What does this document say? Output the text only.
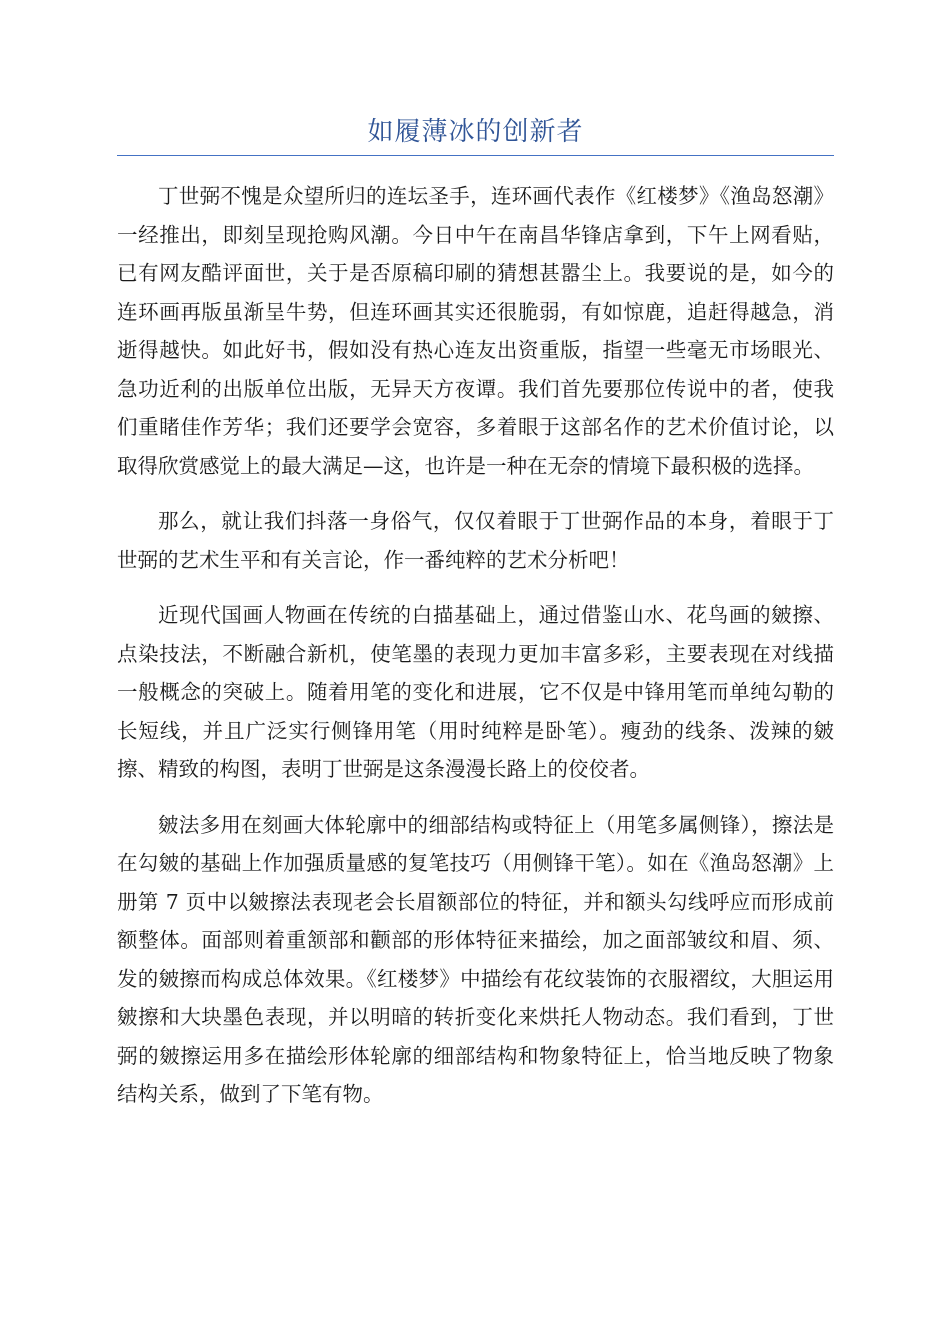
如履薄冰的创新者

丁世弼不愧是众望所归的连坛圣手，连环画代表作《红楼梦》《渔岛怒潮》一经推出，即刻呈现抢购风潮。今日中午在南昌华锋店拿到，下午上网看贴，已有网友酷评面世，关于是否原稿印刷的猜想甚嚣尘上。我要说的是，如今的连环画再版虽渐呈牛势，但连环画其实还很脆弱，有如惊鹿，追赶得越急，消逝得越快。如此好书，假如没有热心连友出资重版，指望一些毫无市场眼光、急功近利的出版单位出版，无异天方夜谭。我们首先要那位传说中的者，使我们重睹佳作芳华；我们还要学会宽容，多着眼于这部名作的艺术价值讨论，以取得欣赏感觉上的最大满足—这，也许是一种在无奈的情境下最积极的选择。

那么，就让我们抖落一身俗气，仅仅着眼于丁世弼作品的本身，着眼于丁世弼的艺术生平和有关言论，作一番纯粹的艺术分析吧！

近现代国画人物画在传统的白描基础上，通过借鉴山水、花鸟画的皴擦、点染技法，不断融合新机，使笔墨的表现力更加丰富多彩，主要表现在对线描一般概念的突破上。随着用笔的变化和进展，它不仅是中锋用笔而单纯勾勒的长短线，并且广泛实行侧锋用笔（用时纯粹是卧笔）。瘦劲的线条、泼辣的皴擦、精致的构图，表明丁世弼是这条漫漫长路上的佼佼者。

皴法多用在刻画大体轮廓中的细部结构或特征上（用笔多属侧锋），擦法是在勾皴的基础上作加强质量感的复笔技巧（用侧锋干笔）。如在《渔岛怒潮》上册第 7 页中以皴擦法表现老会长眉额部位的特征，并和额头勾线呼应而形成前额整体。面部则着重颔部和颧部的形体特征来描绘，加之面部皱纹和眉、须、发的皴擦而构成总体效果。《红楼梦》中描绘有花纹装饰的衣服褶纹，大胆运用皴擦和大块墨色表现，并以明暗的转折变化来烘托人物动态。我们看到，丁世弼的皴擦运用多在描绘形体轮廓的细部结构和物象特征上，恰当地反映了物象结构关系，做到了下笔有物。
